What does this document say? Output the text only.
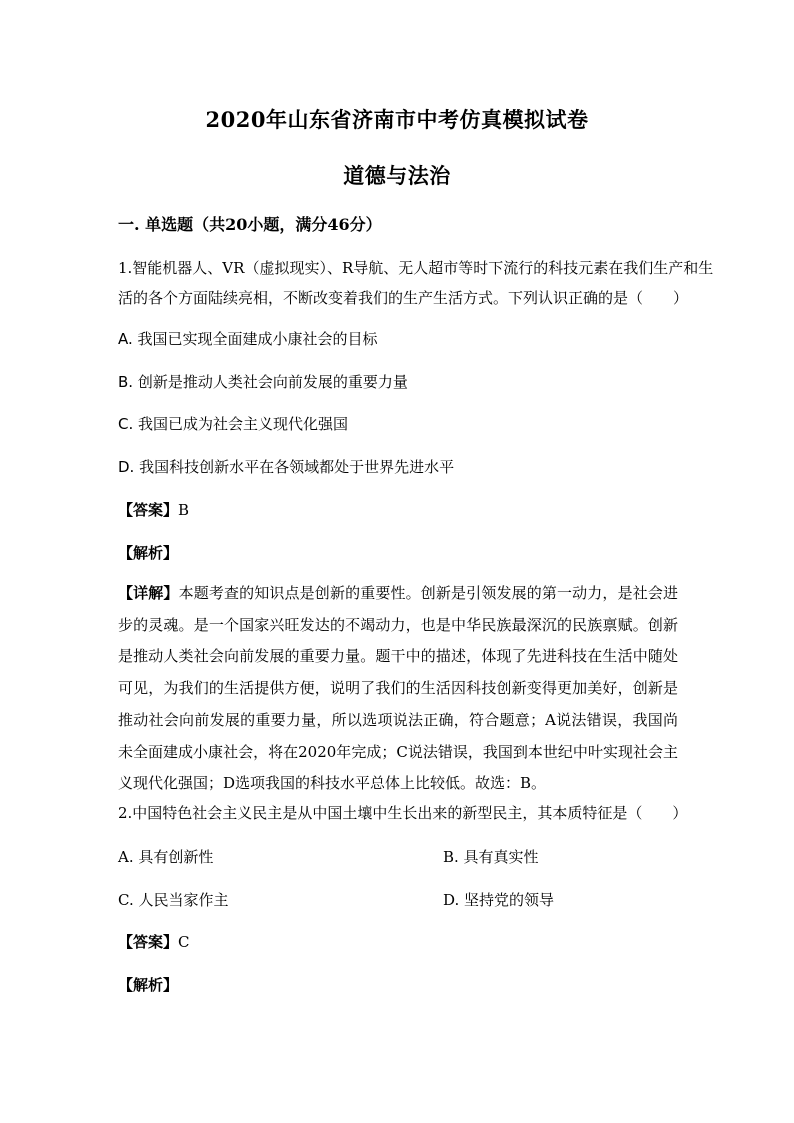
2020年山东省济南市中考仿真模拟试卷
道德与法治
一. 单选题（共20小题，满分46分）
1.智能机器人、VR（虚拟现实）、R导航、无人超市等时下流行的科技元素在我们生产和生
活的各个方面陆续亮相，不断改变着我们的生产生活方式。下列认识正确的是（　　）
A. 我国已实现全面建成小康社会的目标
B. 创新是推动人类社会向前发展的重要力量
C. 我国已成为社会主义现代化强国
D. 我国科技创新水平在各领域都处于世界先进水平
【答案】B
【解析】
【详解】本题考查的知识点是创新的重要性。创新是引领发展的第一动力，是社会进步的灵魂。是一个国家兴旺发达的不竭动力，也是中华民族最深沉的民族禀赋。创新是推动人类社会向前发展的重要力量。题干中的描述，体现了先进科技在生活中随处可见，为我们的生活提供方便，说明了我们的生活因科技创新变得更加美好，创新是推动社会向前发展的重要力量，所以选项说法正确，符合题意；A说法错误，我国尚未全面建成小康社会，将在2020年完成；C说法错误，我国到本世纪中叶实现社会主义现代化强国；D选项我国的科技水平总体上比较低。故选：B。
2.中国特色社会主义民主是从中国土壤中生长出来的新型民主，其本质特征是（　　）
A. 具有创新性	B. 具有真实性
C. 人民当家作主	D. 坚持党的领导
【答案】C
【解析】
